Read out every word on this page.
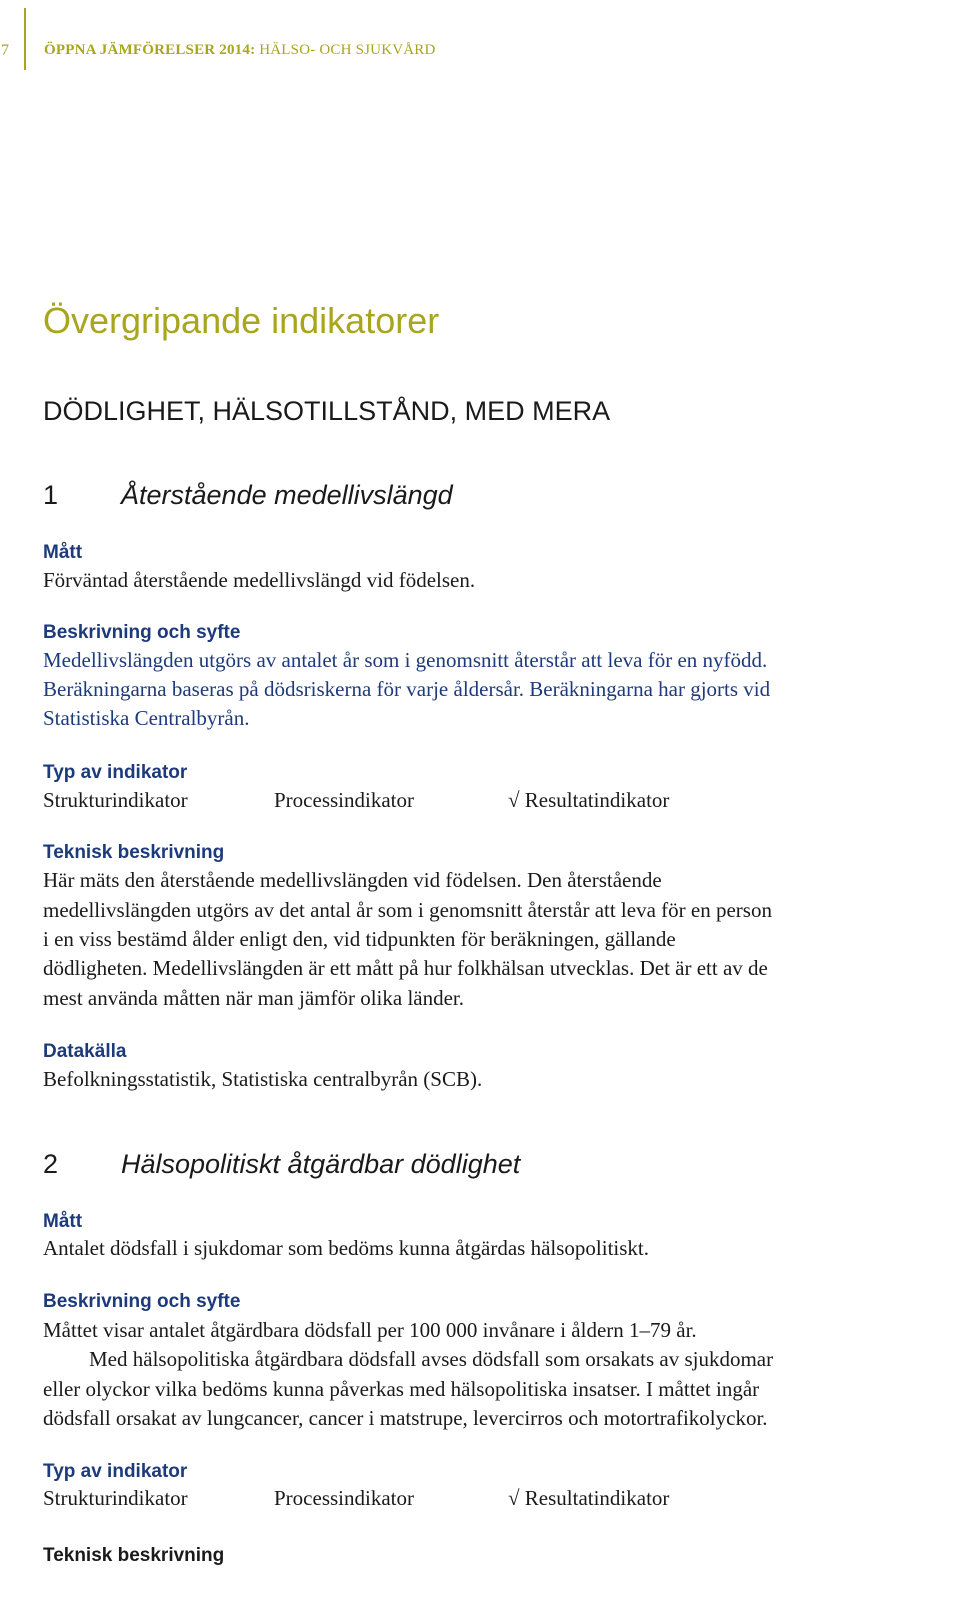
7 ÖPPNA JÄMFÖRELSER 2014: HÄLSO- OCH SJUKVÅRD
Övergripande indikatorer
DÖDLIGHET, HÄLSOTILLSTÅND, MED MERA
1 Återstående medellivslängd
Mått
Förväntad återstående medellivslängd vid födelsen.
Beskrivning och syfte
Medellivslängden utgörs av antalet år som i genomsnitt återstår att leva för en nyfödd.
Beräkningarna baseras på dödsriskerna för varje åldersår. Beräkningarna har gjorts vid
Statistiska Centralbyrån.
Typ av indikator
Strukturindikator	Processindikator	√ Resultatindikator
Teknisk beskrivning
Här mäts den återstående medellivslängden vid födelsen. Den återstående
medellivslängden utgörs av det antal år som i genomsnitt återstår att leva för en person
i en viss bestämd ålder enligt den, vid tidpunkten för beräkningen, gällande
dödligheten. Medellivslängden är ett mått på hur folkhälsan utvecklas. Det är ett av de
mest använda måtten när man jämför olika länder.
Datakälla
Befolkningsstatistik, Statistiska centralbyrån (SCB).
2 Hälsopolitiskt åtgärdbar dödlighet
Mått
Antalet dödsfall i sjukdomar som bedöms kunna åtgärdas hälsopolitiskt.
Beskrivning och syfte
Måttet visar antalet åtgärdbara dödsfall per 100 000 invånare i åldern 1–79 år.
Med hälsopolitiska åtgärdbara dödsfall avses dödsfall som orsakats av sjukdomar
eller olyckor vilka bedöms kunna påverkas med hälsopolitiska insatser. I måttet ingår
dödsfall orsakat av lungcancer, cancer i matstrupe, levercirros och motortrafikolyckor.
Typ av indikator
Strukturindikator	Processindikator	√ Resultatindikator
Teknisk beskrivning
